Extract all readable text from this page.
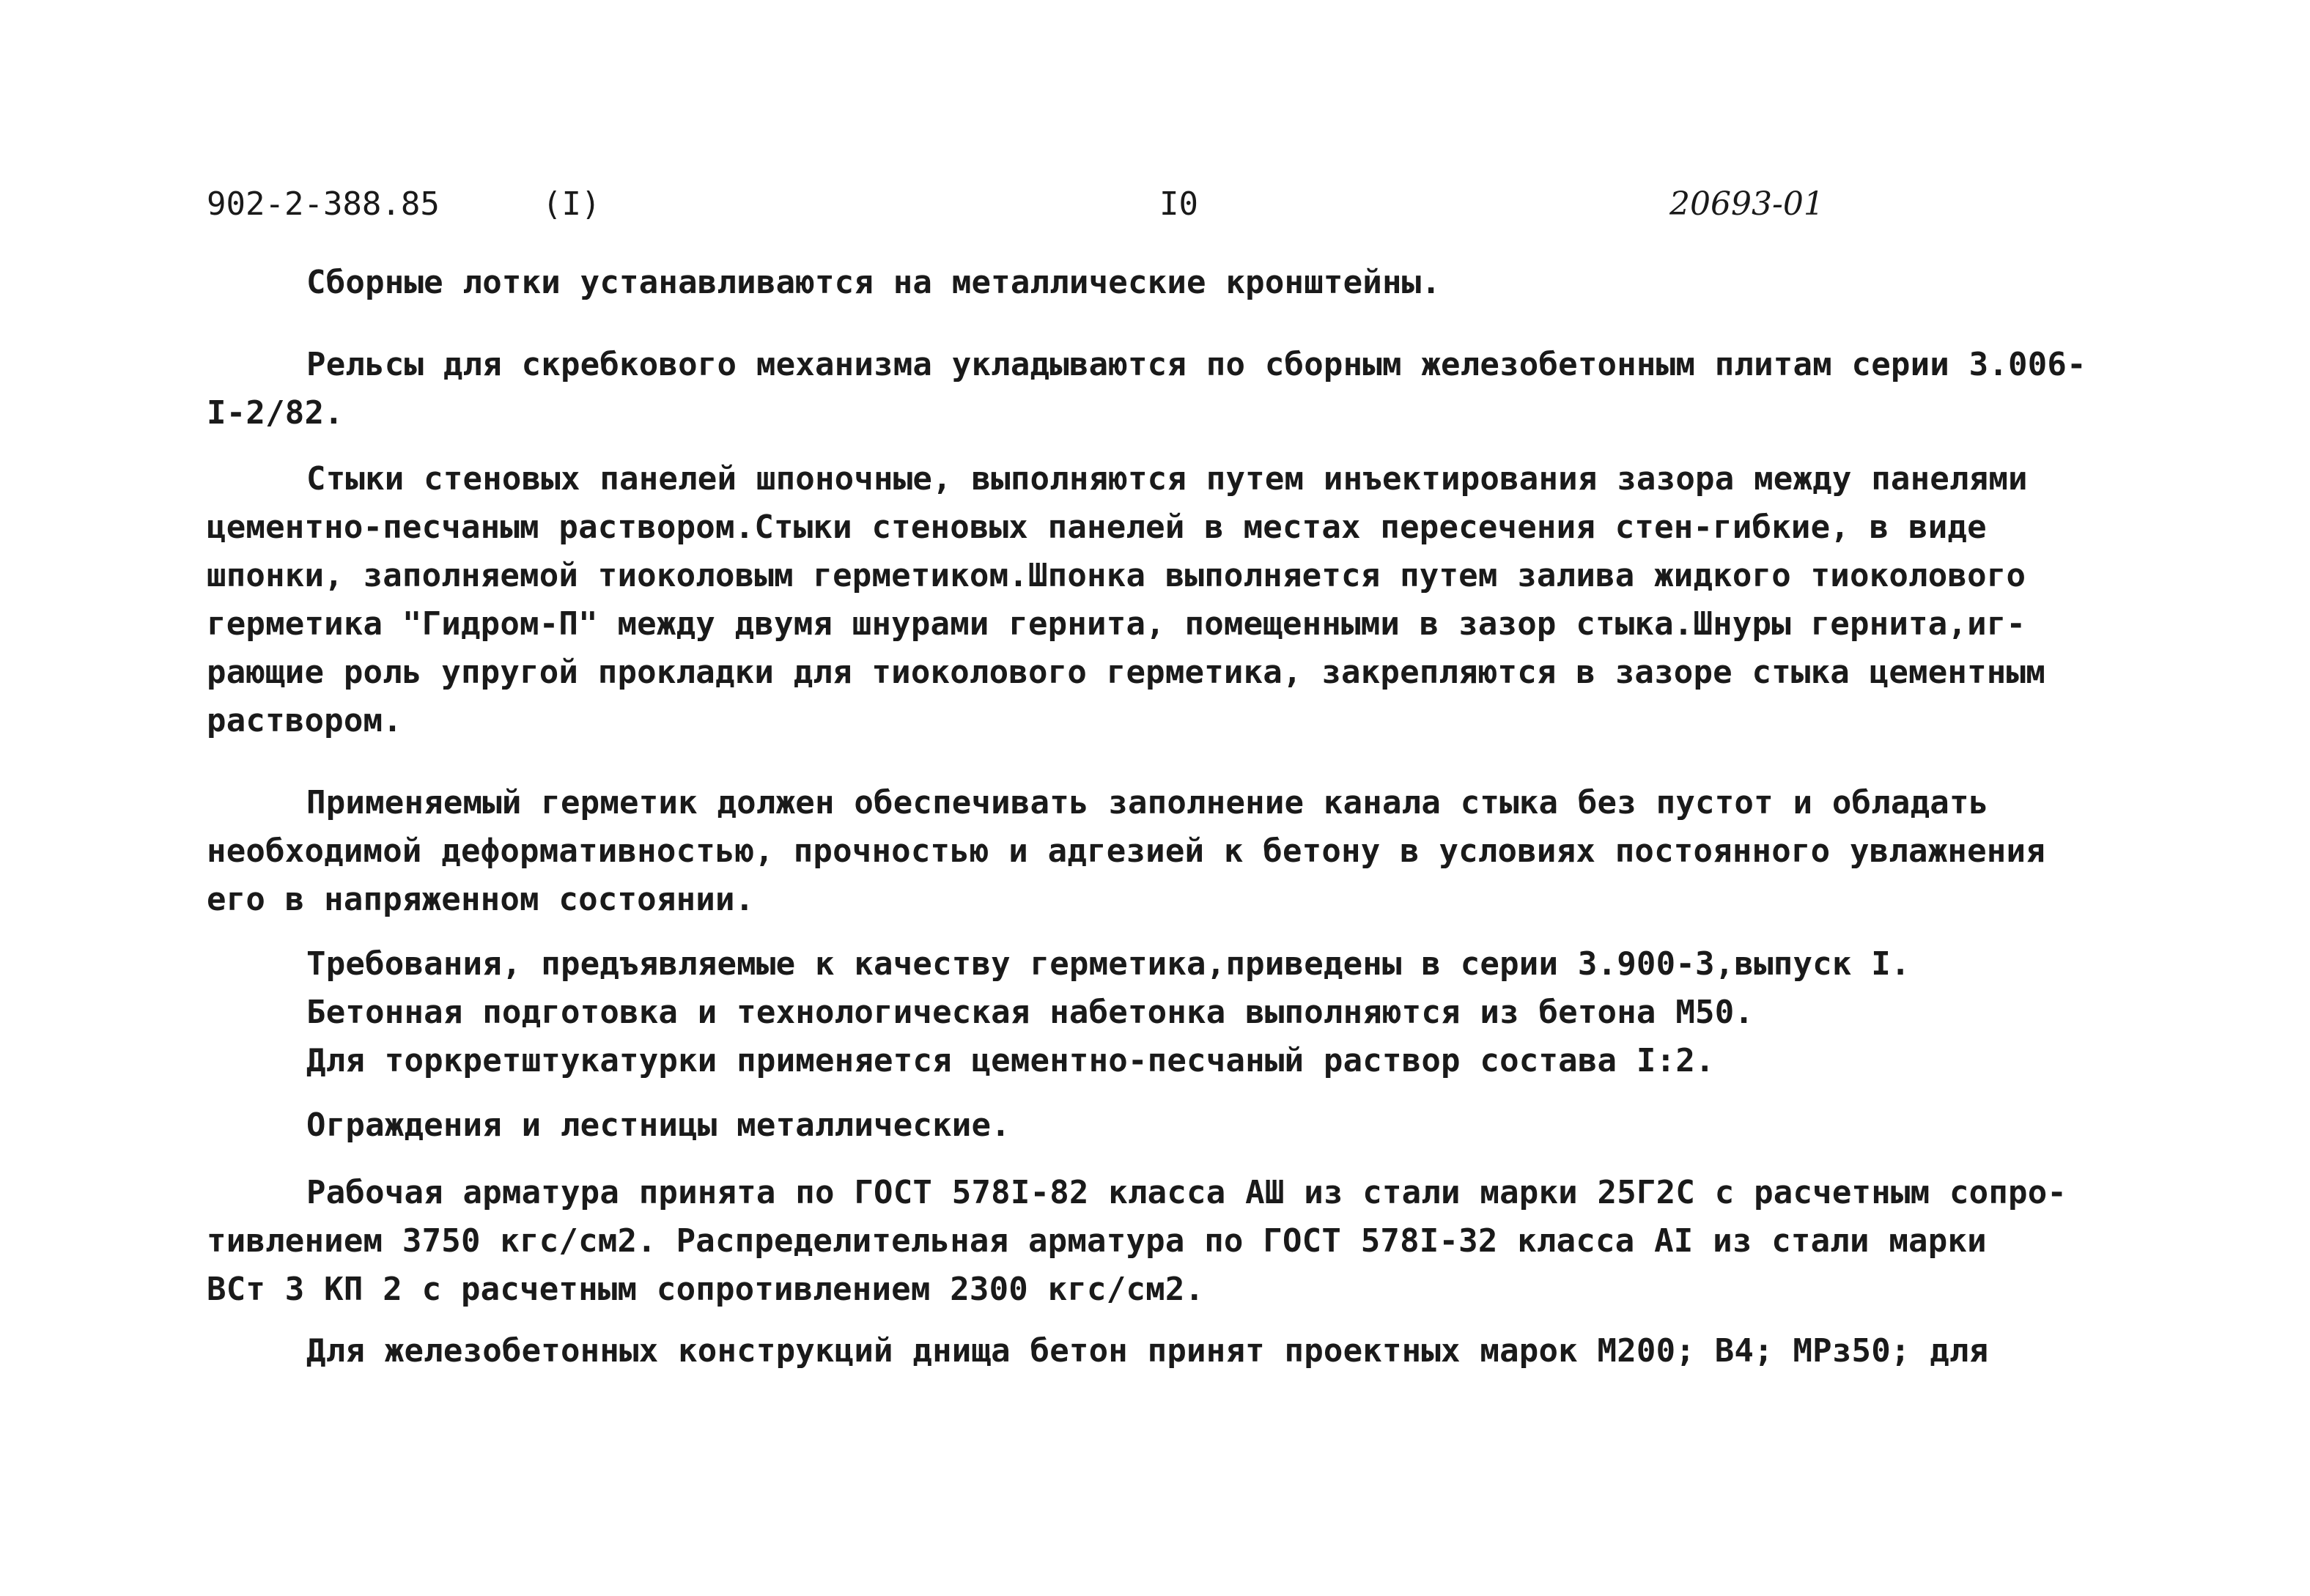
902-2-388.85	(I)	I0	20693-01
Сборные лотки устанавливаются на металлические кронштейны.
Рельсы для скребкового механизма укладываются по сборным железобетонным плитам серии 3.006-
I-2/82.
Стыки стеновых панелей шпоночные, выполняются путем инъектирования зазора между панелями
цементно-песчаным раствором.Стыки стеновых панелей в местах пересечения стен-гибкие, в виде
шпонки, заполняемой тиоколовым герметиком.Шпонка выполняется путем залива жидкого тиоколового
герметика "Гидром-П" между двумя шнурами гернита, помещенными в зазор стыка.Шнуры гернита,иг-
рающие роль упругой прокладки для тиоколового герметика, закрепляются в зазоре стыка цементным
раствором.
Применяемый герметик должен обеспечивать заполнение канала стыка без пустот и обладать
необходимой деформативностью, прочностью и адгезией к бетону в условиях постоянного увлажнения
его в напряженном состоянии.
Требования, предъявляемые к качеству герметика,приведены в серии 3.900-3,выпуск I.
Бетонная подготовка и технологическая набетонка выполняются из бетона М50.
Для торкретштукатурки применяется цементно-песчаный раствор состава I:2.
Ограждения и лестницы металлические.
Рабочая арматура принята по ГОСТ 578I-82 класса АШ из стали марки 25Г2С с расчетным сопро-
тивлением 3750 кгс/см2. Распределительная арматура по ГОСТ 578I-32 класса АI из стали марки
ВСт 3 КП 2 с расчетным сопротивлением 2300 кгс/см2.
Для железобетонных конструкций днища бетон принят проектных марок М200; В4; МРз50; для
